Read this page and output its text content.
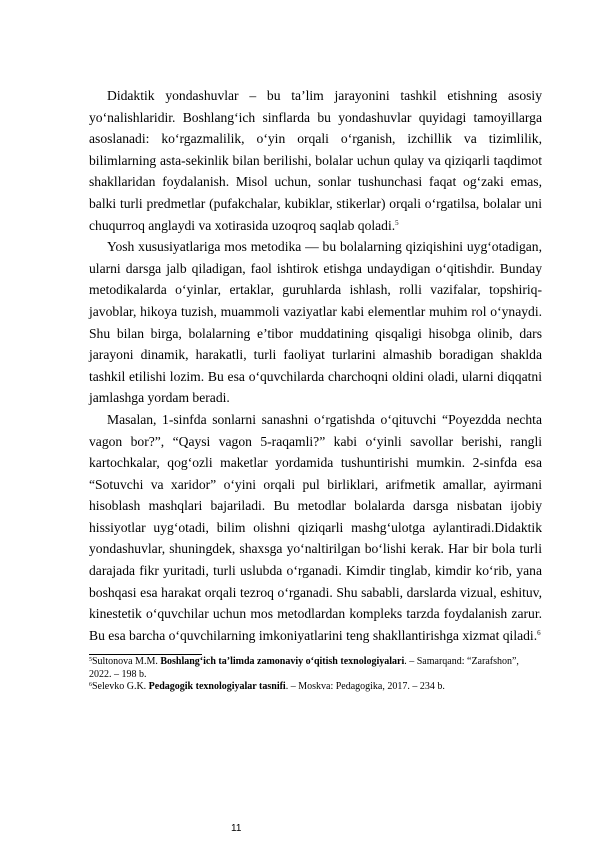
Didaktik yondashuvlar – bu ta’lim jarayonini tashkil etishning asosiy yo‘nalishlaridir. Boshlang‘ich sinflarda bu yondashuvlar quyidagi tamoyillarga asoslanadi: ko‘rgazmalilik, o‘yin orqali o‘rganish, izchillik va tizimlilik, bilimlarning asta-sekinlik bilan berilishi, bolalar uchun qulay va qiziqarli taqdimot shakllaridan foydalanish. Misol uchun, sonlar tushunchasi faqat og‘zaki emas, balki turli predmetlar (pufakchalar, kubiklar, stikerlar) orqali o‘rgatilsa, bolalar uni chuqurroq anglaydi va xotirasida uzoqroq saqlab qoladi.$^5$

Yosh xususiyatlariga mos metodika — bu bolalarning qiziqishini uyg‘otadigan, ularni darsga jalb qiladigan, faol ishtirok etishga undaydigan o‘qitishdir. Bunday metodikalarda o‘yinlar, ertaklar, guruhlarda ishlash, rolli vazifalar, topshiriq-javoblar, hikoya tuzish, muammoli vaziyatlar kabi elementlar muhim rol o‘ynaydi. Shu bilan birga, bolalarning e’tibor muddatining qisqaligi hisobga olinib, dars jarayoni dinamik, harakatli, turli faoliyat turlarini almashib boradigan shaklda tashkil etilishi lozim. Bu esa o‘quvchilarda charchoqni oldini oladi, ularni diqqatni jamlashga yordam beradi.

Masalan, 1-sinfda sonlarni sanashni o‘rgatishda o‘qituvchi “Poyezdda nechta vagon bor?”, “Qaysi vagon 5-raqamli?” kabi o‘yinli savollar berishi, rangli kartochkalar, qog‘ozli maketlar yordamida tushuntirishi mumkin. 2-sinfda esa “Sotuvchi va xaridor” o‘yini orqali pul birliklari, arifmetik amallar, ayirmani hisoblash mashqlari bajariladi. Bu metodlar bolalarda darsga nisbatan ijobiy hissiyotlar uyg‘otadi, bilim olishni qiziqarli mashg‘ulotga aylantiradi.Didaktik yondashuvlar, shuningdek, shaxsga yo‘naltirilgan bo‘lishi kerak. Har bir bola turli darajada fikr yuritadi, turli uslubda o‘rganadi. Kimdir tinglab, kimdir ko‘rib, yana boshqasi esa harakat orqali tezroq o‘rganadi. Shu sababli, darslarda vizual, eshituv, kinestetik o‘quvchilar uchun mos metodlardan kompleks tarzda foydalanish zarur. Bu esa barcha o‘quvchilarning imkoniyatlarini teng shakllantirishga xizmat qiladi.$^6$

$^5$Sultonova M.M. Boshlang‘ich ta’limda zamonaviy o‘qitish texnologiyalari. – Samarqand: “Zarafshon”, 2022. – 198 b.

$^6$Selevko G.K. Pedagogik texnologiyalar tasnifi. – Moskva: Pedagogika, 2017. – 234 b.

11
